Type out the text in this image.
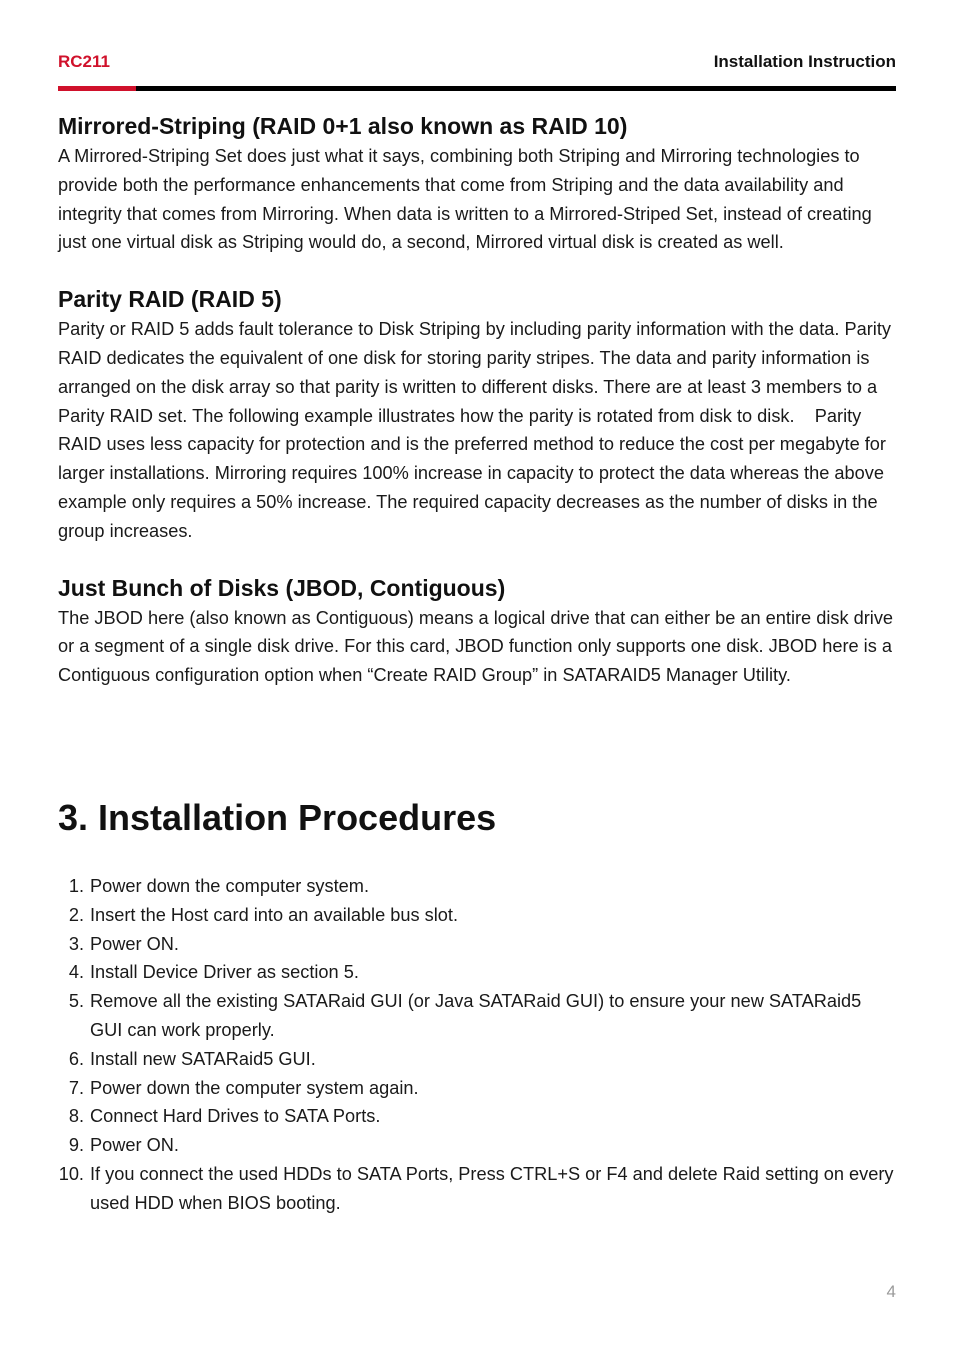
RC211	Installation Instruction
Mirrored-Striping (RAID 0+1 also known as RAID 10)

A Mirrored-Striping Set does just what it says, combining both Striping and Mirroring technologies to provide both the performance enhancements that come from Striping and the data availability and integrity that comes from Mirroring. When data is written to a Mirrored-Striped Set, instead of creating just one virtual disk as Striping would do, a second, Mirrored virtual disk is created as well.

Parity RAID (RAID 5)

Parity or RAID 5 adds fault tolerance to Disk Striping by including parity information with the data. Parity RAID dedicates the equivalent of one disk for storing parity stripes. The data and parity information is arranged on the disk array so that parity is written to different disks. There are at least 3 members to a Parity RAID set. The following example illustrates how the parity is rotated from disk to disk.    Parity RAID uses less capacity for protection and is the preferred method to reduce the cost per megabyte for larger installations. Mirroring requires 100% increase in capacity to protect the data whereas the above example only requires a 50% increase. The required capacity decreases as the number of disks in the group increases.

Just Bunch of Disks (JBOD, Contiguous)

The JBOD here (also known as Contiguous) means a logical drive that can either be an entire disk drive or a segment of a single disk drive. For this card, JBOD function only supports one disk. JBOD here is a Contiguous configuration option when “Create RAID Group” in SATARAID5 Manager Utility.

3. Installation Procedures
1. Power down the computer system.
2. Insert the Host card into an available bus slot.
3. Power ON.
4. Install Device Driver as section 5.
5. Remove all the existing SATARaid GUI (or Java SATARaid GUI) to ensure your new SATARaid5 GUI can work properly.
6. Install new SATARaid5 GUI.
7. Power down the computer system again.
8. Connect Hard Drives to SATA Ports.
9. Power ON.
10. If you connect the used HDDs to SATA Ports, Press CTRL+S or F4 and delete Raid setting on every used HDD when BIOS booting.
4
